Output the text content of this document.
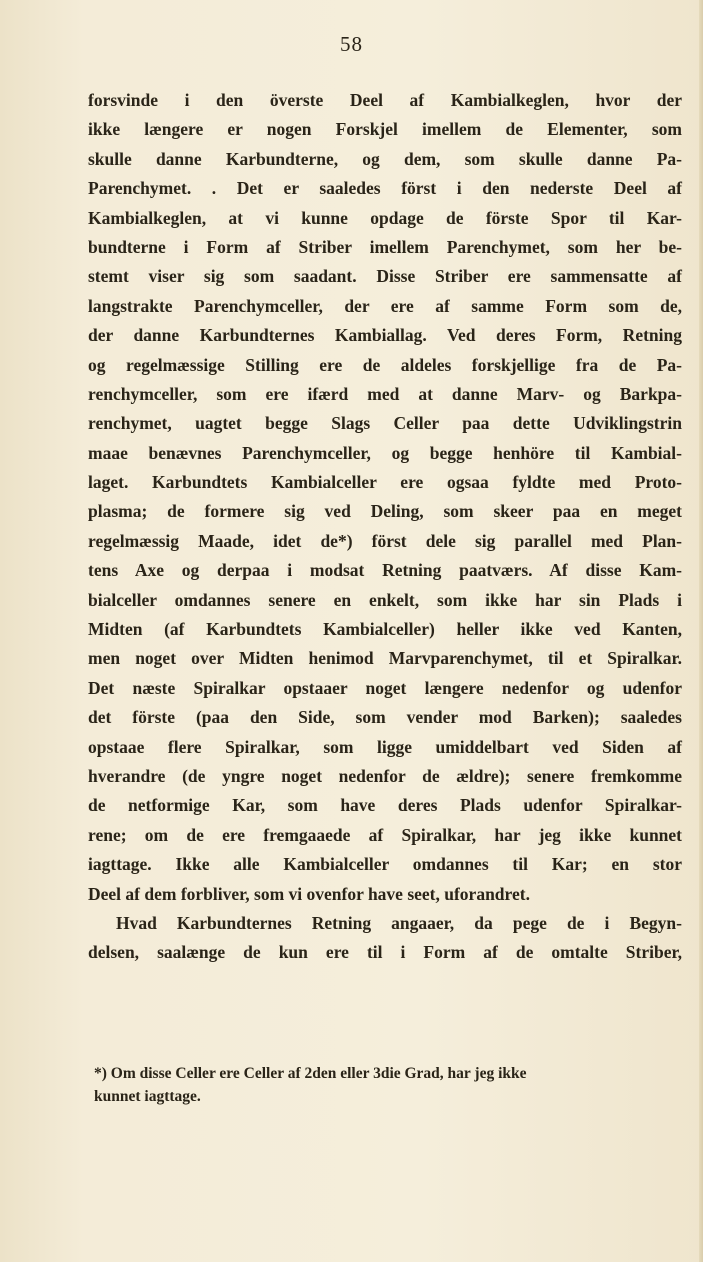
58
forsvinde i den överste Deel af Kambialkeglen, hvor der
ikke længere er nogen Forskjel imellem de Elementer, som
skulle danne Karbundterne, og dem, som skulle danne Pa-
Parenchymet. . Det er saaledes först i den nederste Deel af
Kambialkeglen, at vi kunne opdage de förste Spor til Kar-
bundterne i Form af Striber imellem Parenchymet, som her be-
stemt viser sig som saadant. Disse Striber ere sammensatte af
langstrakte Parenchymceller, der ere af samme Form som de,
der danne Karbundternes Kambiallag. Ved deres Form, Retning
og regelmæssige Stilling ere de aldeles forskjellige fra de Pa-
renchymceller, som ere ifærd med at danne Marv- og Barkpa-
renchymet, uagtet begge Slags Celler paa dette Udviklingstrin
maae benævnes Parenchymceller, og begge henhöre til Kambial-
laget. Karbundtets Kambialceller ere ogsaa fyldte med Proto-
plasma; de formere sig ved Deling, som skeer paa en meget
regelmæssig Maade, idet de*) först dele sig parallel med Plan-
tens Axe og derpaa i modsat Retning paatværs. Af disse Kam-
bialceller omdannes senere en enkelt, som ikke har sin Plads i
Midten (af Karbundtets Kambialceller) heller ikke ved Kanten,
men noget over Midten henimod Marvparenchymet, til et Spiralkar.
Det næste Spiralkar opstaaer noget længere nedenfor og udenfor
det förste (paa den Side, som vender mod Barken); saaledes
opstaae flere Spiralkar, som ligge umiddelbart ved Siden af
hverandre (de yngre noget nedenfor de ældre); senere fremkomme
de netformige Kar, som have deres Plads udenfor Spiralkar-
rene; om de ere fremgaaede af Spiralkar, har jeg ikke kunnet
iagttage. Ikke alle Kambialceller omdannes til Kar; en stor
Deel af dem forbliver, som vi ovenfor have seet, uforandret.
Hvad Karbundternes Retning angaaer, da pege de i Begyn-
delsen, saalænge de kun ere til i Form af de omtalte Striber,
*) Om disse Celler ere Celler af 2den eller 3die Grad, har jeg ikke
kunnet iagttage.
